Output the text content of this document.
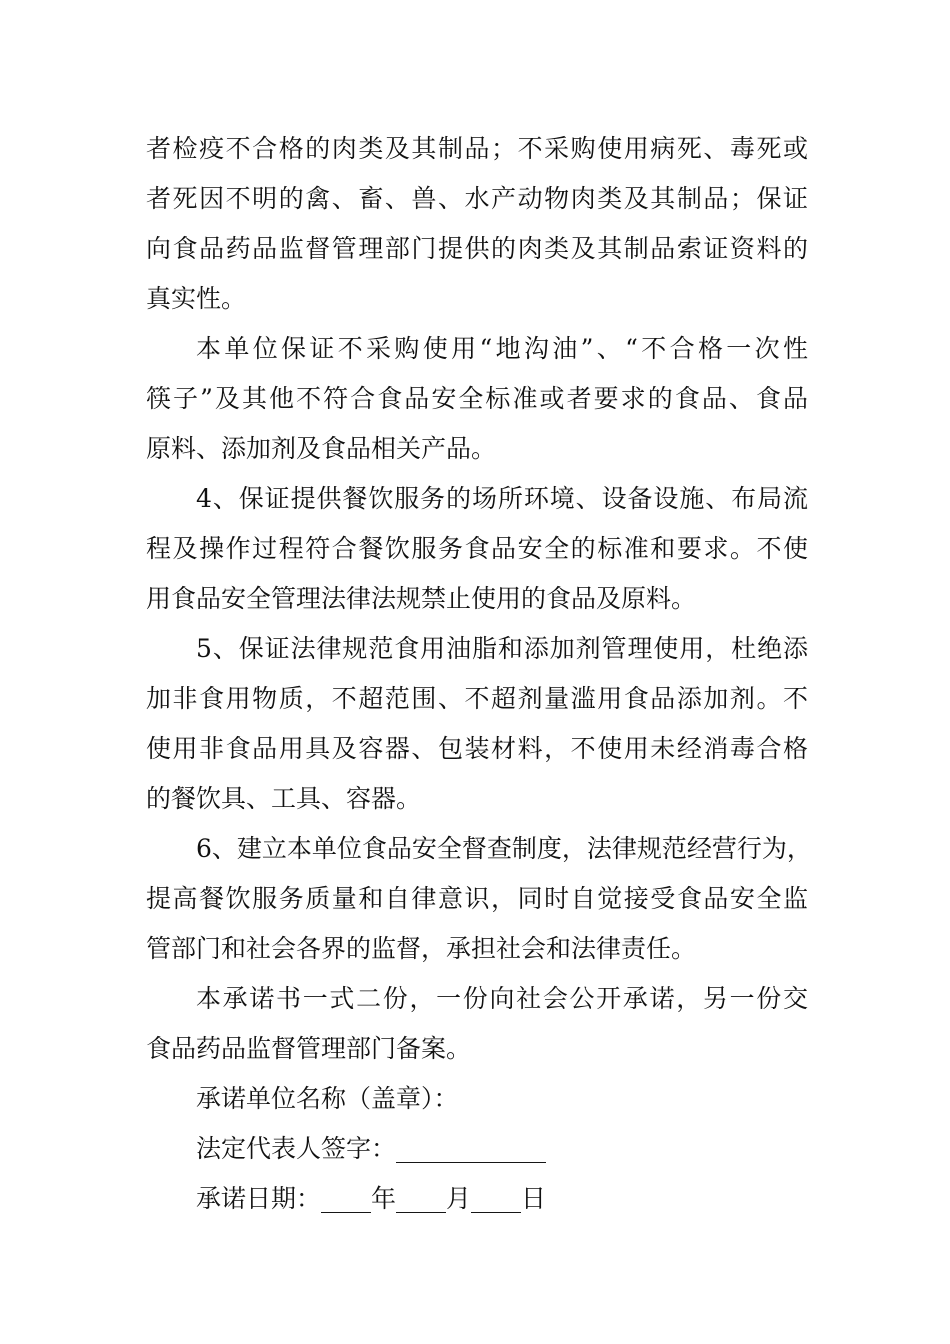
者检疫不合格的肉类及其制品；不采购使用病死、毒死或
者死因不明的禽、畜、兽、水产动物肉类及其制品；保证
向食品药品监督管理部门提供的肉类及其制品索证资料的
真实性。
本单位保证不采购使用“地沟油”、“不合格一次性
筷子”及其他不符合食品安全标准或者要求的食品、食品
原料、添加剂及食品相关产品。
4、保证提供餐饮服务的场所环境、设备设施、布局流
程及操作过程符合餐饮服务食品安全的标准和要求。不使
用食品安全管理法律法规禁止使用的食品及原料。
5、保证法律规范食用油脂和添加剂管理使用，杜绝添
加非食用物质，不超范围、不超剂量滥用食品添加剂。不
使用非食品用具及容器、包装材料，不使用未经消毒合格
的餐饮具、工具、容器。
6、建立本单位食品安全督查制度，法律规范经营行为，
提高餐饮服务质量和自律意识，同时自觉接受食品安全监
管部门和社会各界的监督，承担社会和法律责任。
本承诺书一式二份，一份向社会公开承诺，另一份交
食品药品监督管理部门备案。
承诺单位名称（盖章）：
法定代表人签字：____________
承诺日期：____年____月____日
